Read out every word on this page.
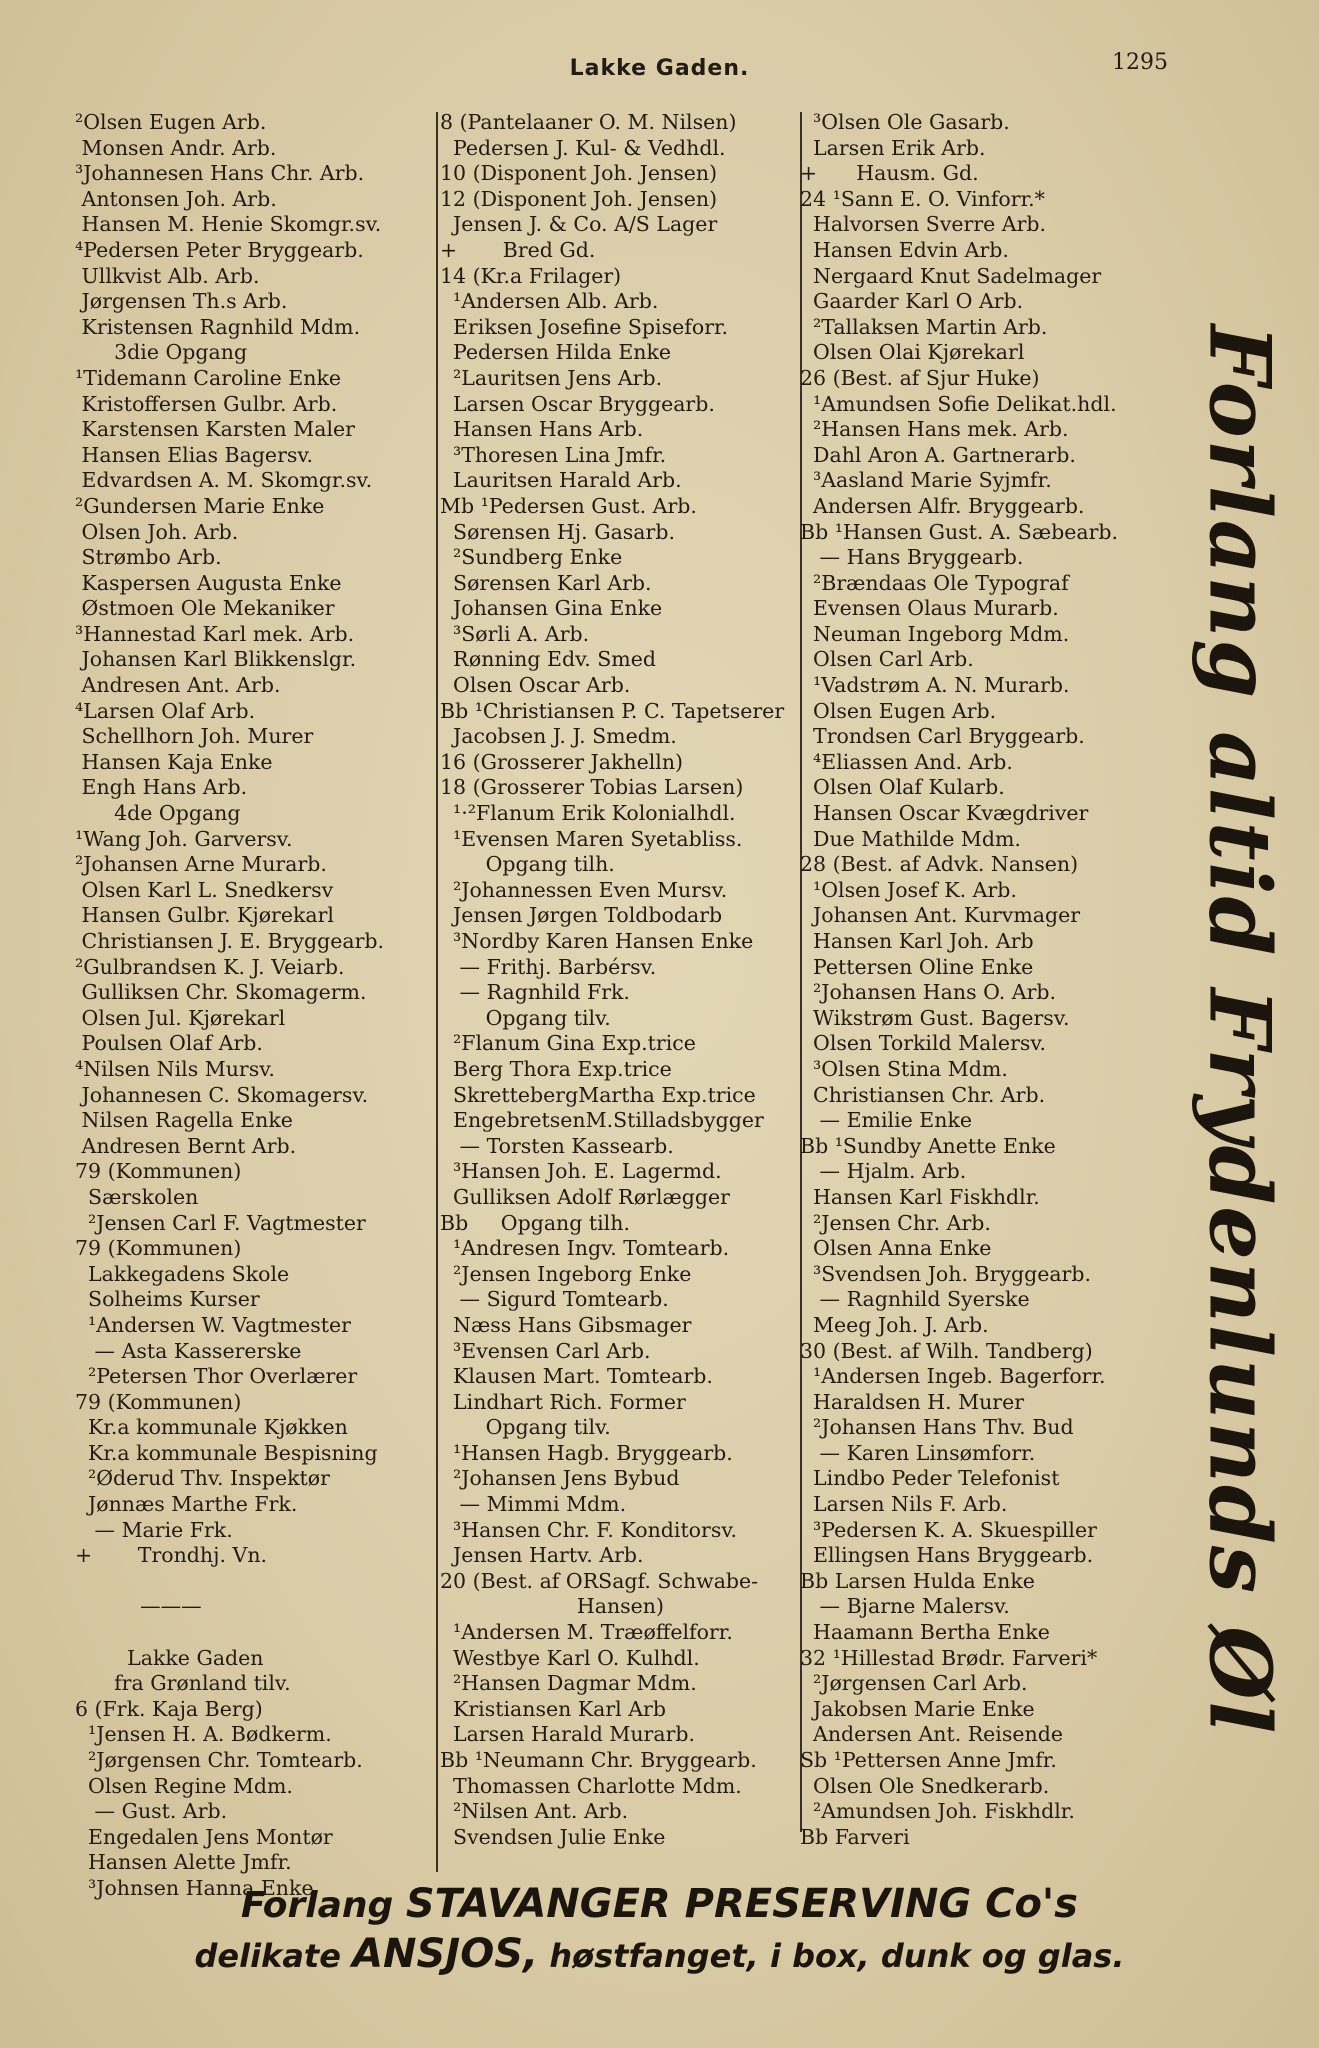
Lakke Gaden.	1295
²Olsen Eugen Arb.
Monsen Andr. Arb.
³Johannesen Hans Chr. Arb.
Antonsen Joh. Arb.
Hansen M. Henie Skomgr.sv.
⁴Pedersen Peter Bryggearb.
Ullkvist Alb. Arb.
Jørgensen Th.s Arb.
Kristensen Ragnhild Mdm.
3die Opgang
¹Tidemann Caroline Enke
Kristoffersen Gulbr. Arb.
Karstensen Karsten Maler
Hansen Elias Bagersv.
Edvardsen A. M. Skomgr.sv.
²Gundersen Marie Enke
Olsen Joh. Arb.
Strømbo Arb.
Kaspersen Augusta Enke
Østmoen Ole Mekaniker
³Hannestad Karl mek. Arb.
Johansen Karl Blikkenslgr.
Andresen Ant. Arb.
⁴Larsen Olaf Arb.
Schellhorn Joh. Murer
Hansen Kaja Enke
Engh Hans Arb.
4de Opgang
¹Wang Joh. Garversv.
²Johansen Arne Murarb.
Olsen Karl L. Snedkersv
Hansen Gulbr. Kjørekarl
Christiansen J. E. Bryggearb.
²Gulbrandsen K. J. Veiarb.
Gulliksen Chr. Skomagerm.
Olsen Jul. Kjørekarl
Poulsen Olaf Arb.
⁴Nilsen Nils Mursv.
Johannesen C. Skomagersv.
Nilsen Ragella Enke
Andresen Bernt Arb.
79 (Kommunen)
Særskolen
²Jensen Carl F. Vagtmester
79 (Kommunen)
Lakkegadens Skole
Solheims Kurser
¹Andersen W. Vagtmester
— Asta Kassererske
²Petersen Thor Overlærer
79 (Kommunen)
Kr.a kommunale Kjøkken
Kr.a kommunale Bespisning
²Øderud Thv. Inspektør
Jønnæs Marthe Frk.
— Marie Frk.
+       Trondhj. Vn.
———
Lakke Gaden
fra Grønland tilv.
6 (Frk. Kaja Berg)
¹Jensen H. A. Bødkerm.
²Jørgensen Chr. Tomtearb.
Olsen Regine Mdm.
— Gust. Arb.
Engedalen Jens Montør
Hansen Alette Jmfr.
³Johnsen Hanna Enke
8 (Pantelaaner O. M. Nilsen)
Pedersen J. Kul- & Vedhdl.
10 (Disponent Joh. Jensen)
12 (Disponent Joh. Jensen)
Jensen J. & Co. A/S Lager
+       Bred Gd.
14 (Kr.a Frilager)
¹Andersen Alb. Arb.
Eriksen Josefine Spiseforr.
Pedersen Hilda Enke
²Lauritsen Jens Arb.
Larsen Oscar Bryggearb.
Hansen Hans Arb.
³Thoresen Lina Jmfr.
Lauritsen Harald Arb.
Mb ¹Pedersen Gust. Arb.
Sørensen Hj. Gasarb.
²Sundberg Enke
Sørensen Karl Arb.
Johansen Gina Enke
³Sørli A. Arb.
Rønning Edv. Smed
Olsen Oscar Arb.
Bb ¹Christiansen P. C. Tapetserer
Jacobsen J. J. Smedm.
16 (Grosserer Jakhelln)
18 (Grosserer Tobias Larsen)
¹·²Flanum Erik Kolonialhdl.
¹Evensen Maren Syetabliss.
Opgang tilh.
²Johannessen Even Mursv.
Jensen Jørgen Toldbodarb
³Nordby Karen Hansen Enke
— Frithj. Barbérsv.
— Ragnhild Frk.
Opgang tilv.
²Flanum Gina Exp.trice
Berg Thora Exp.trice
SkrettebergMartha Exp.trice
EngebretsenM.Stilladsbygger
— Torsten Kassearb.
³Hansen Joh. E. Lagermd.
Gulliksen Adolf Rørlægger
Bb     Opgang tilh.
¹Andresen Ingv. Tomtearb.
²Jensen Ingeborg Enke
— Sigurd Tomtearb.
Næss Hans Gibsmager
³Evensen Carl Arb.
Klausen Mart. Tomtearb.
Lindhart Rich. Former
Opgang tilv.
¹Hansen Hagb. Bryggearb.
²Johansen Jens Bybud
— Mimmi Mdm.
³Hansen Chr. F. Konditorsv.
Jensen Hartv. Arb.
20 (Best. af ORSagf. Schwabe-
Hansen)
¹Andersen M. Træøffelforr.
Westbye Karl O. Kulhdl.
²Hansen Dagmar Mdm.
Kristiansen Karl Arb
Larsen Harald Murarb.
Bb ¹Neumann Chr. Bryggearb.
Thomassen Charlotte Mdm.
²Nilsen Ant. Arb.
Svendsen Julie Enke
³Olsen Ole Gasarb.
Larsen Erik Arb.
+      Hausm. Gd.
24 ¹Sann E. O. Vinforr.*
Halvorsen Sverre Arb.
Hansen Edvin Arb.
Nergaard Knut Sadelmager
Gaarder Karl O Arb.
²Tallaksen Martin Arb.
Olsen Olai Kjørekarl
26 (Best. af Sjur Huke)
¹Amundsen Sofie Delikat.hdl.
²Hansen Hans mek. Arb.
Dahl Aron A. Gartnerarb.
³Aasland Marie Syjmfr.
Andersen Alfr. Bryggearb.
Bb ¹Hansen Gust. A. Sæbearb.
— Hans Bryggearb.
²Brændaas Ole Typograf
Evensen Olaus Murarb.
Neuman Ingeborg Mdm.
Olsen Carl Arb.
¹Vadstrøm A. N. Murarb.
Olsen Eugen Arb.
Trondsen Carl Bryggearb.
⁴Eliassen And. Arb.
Olsen Olaf Kularb.
Hansen Oscar Kvægdriver
Due Mathilde Mdm.
28 (Best. af Advk. Nansen)
¹Olsen Josef K. Arb.
Johansen Ant. Kurvmager
Hansen Karl Joh. Arb
Pettersen Oline Enke
²Johansen Hans O. Arb.
Wikstrøm Gust. Bagersv.
Olsen Torkild Malersv.
³Olsen Stina Mdm.
Christiansen Chr. Arb.
— Emilie Enke
Bb ¹Sundby Anette Enke
— Hjalm. Arb.
Hansen Karl Fiskhdlr.
²Jensen Chr. Arb.
Olsen Anna Enke
³Svendsen Joh. Bryggearb.
— Ragnhild Syerske
Meeg Joh. J. Arb.
30 (Best. af Wilh. Tandberg)
¹Andersen Ingeb. Bagerforr.
Haraldsen H. Murer
²Johansen Hans Thv. Bud
— Karen Linsømforr.
Lindbo Peder Telefonist
Larsen Nils F. Arb.
³Pedersen K. A. Skuespiller
Ellingsen Hans Bryggearb.
Bb Larsen Hulda Enke
— Bjarne Malersv.
Haamann Bertha Enke
32 ¹Hillestad Brødr. Farveri*
²Jørgensen Carl Arb.
Jakobsen Marie Enke
Andersen Ant. Reisende
Sb ¹Pettersen Anne Jmfr.
Olsen Ole Snedkerarb.
²Amundsen Joh. Fiskhdlr.
Bb Farveri
Forlang altid Frydenlunds Øl
Forlang STAVANGER PRESERVING Co's
delikate ANSJOS, høstfanget, i box, dunk og glas.
